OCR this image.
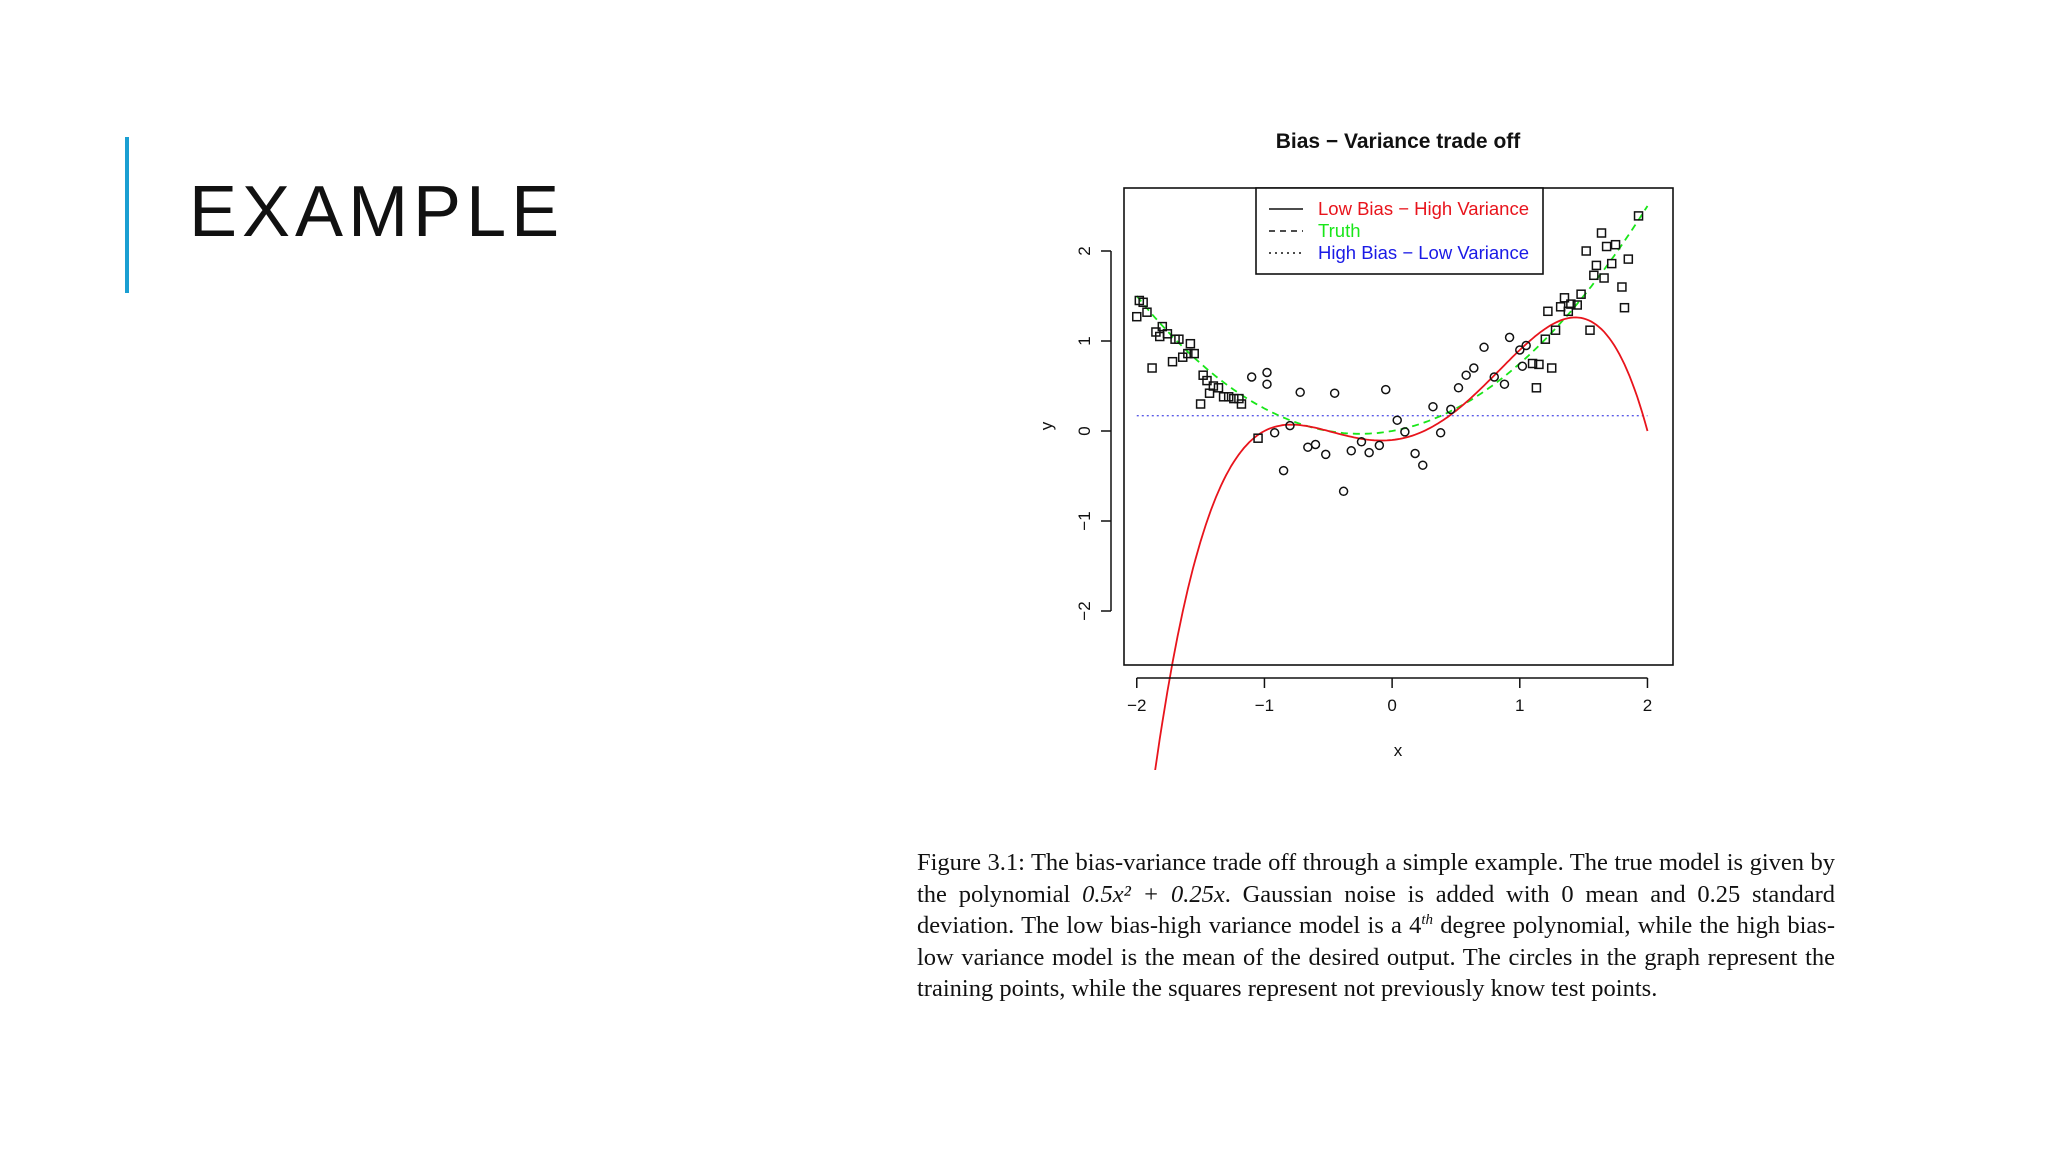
EXAMPLE
Bias − Variance trade off
−2	−1	0	1	2
−2
−1
0
1
2
x
y
Low Bias − High Variance
Truth
High Bias − Low Variance

Figure 3.1: The bias-variance trade off through a simple example. The true model is given by the polynomial 0.5x² + 0.25x. Gaussian noise is added with 0 mean and 0.25 standard deviation. The low bias-high variance model is a 4th degree polynomial, while the high bias-low variance model is the mean of the desired output. The circles in the graph represent the training points, while the squares represent not previously know test points.
